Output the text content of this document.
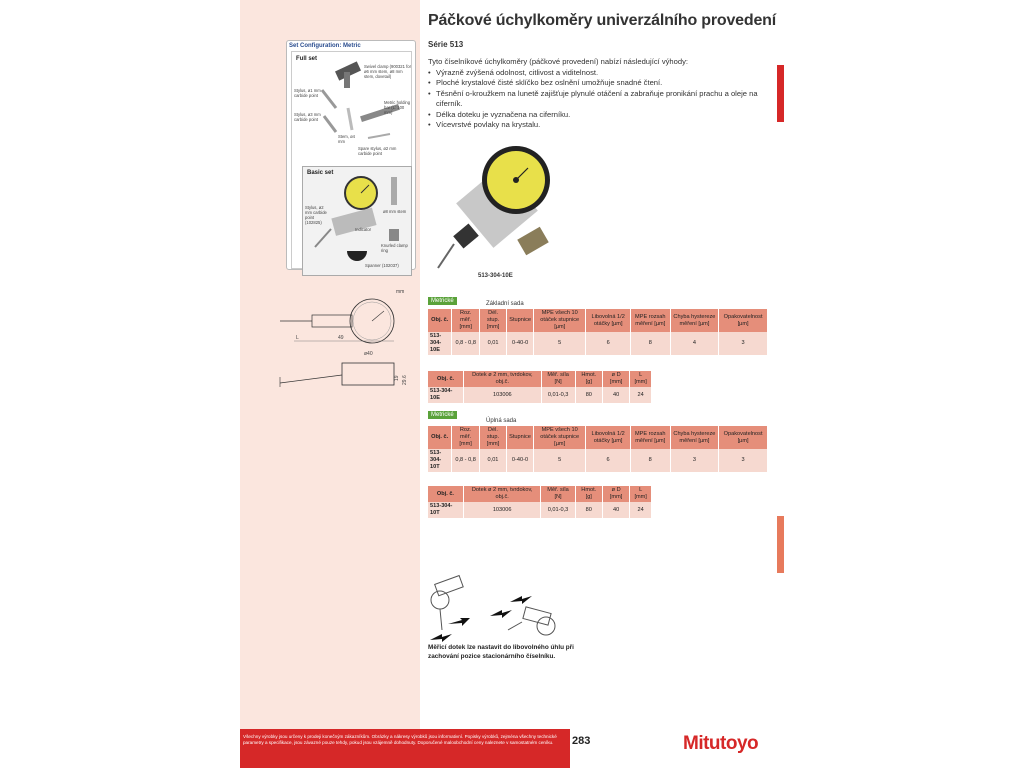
Páčkové úchylkoměry univerzálního provedení
Série 513
Tyto číselníkové úchylkoměry (páčkové provedení) nabízí následující výhody:
• Výrazně zvýšená odolnost, citlivost a viditelnost.
• Ploché krystalové čisté sklíčko bez oslnění umožňuje snadné čtení.
• Těsnění o-kroužkem na lunetě zajišťuje plynulé otáčení a zabraňuje pronikání prachu a oleje na ciferník.
• Délka doteku je vyznačena na ciferníku.
• Vícevrstvé povlaky na krystalu.
Set Configuration: Metric
Full set
Swivel clamp (900321 for ø6 mm stem, ø8 mm stem, dovetail)
Stylus, ø1 mm carbide point
Stylus, ø3 mm carbide point
Metric holding bar (L: 100 mm)
Stem, ø4 mm
Spare stylus, ø2 mm carbide point
Basic set
Stylus, ø2 mm carbide point (102825)
Indicator
ø8 mm stem
Knurled clamp ring
Spanner (102037)
513-304-10E
mm
L	49
ø40
19 29.6
Metrické	Základní sada
Obj. č.	Roz. měř. [mm]	Dél. stup. [mm]	Stupnice	MPE všech 10 otáček stupnice [µm]	Libovolná 1/2 otáčky [µm]	MPE rozsah měření [µm]	Chyba hystereze měření [µm]	Opakovatelnost [µm]
513-304-10E	0,8 - 0,8	0,01	0-40-0	5	6	8	4	3
Obj. č.	Dotek ø 2 mm, tvrdokov, obj.č.	Měř. síla [N]	Hmot. [g]	ø D [mm]	L [mm]
513-304-10E	103006	0,01-0,3	80	40	24
Metrické
Úplná sada
Obj. č.	Roz. měř. [mm]	Dél. stup. [mm]	Stupnice	MPE všech 10 otáček stupnice [µm]	Libovolná 1/2 otáčky [µm]	MPE rozsah měření [µm]	Chyba hystereze měření [µm]	Opakovatelnost [µm]
513-304-10T	0,8 - 0,8	0,01	0-40-0	5	6	8	3	3
Obj. č.	Dotek ø 2 mm, tvrdokov, obj.č.	Měř. síla [N]	Hmot. [g]	ø D [mm]	L [mm]
513-304-10T	103006	0,01-0,3	80	40	24
Měřicí dotek lze nastavit do libovolného úhlu při zachování pozice stacionárního číselníku.
Všechny výrobky jsou určeny k prodeji konečným zákazníkům. Obrázky a nákresy výrobků jsou informativní. Popisky výrobků, zejména všechny technické parametry a specifikace, jsou závazné pouze tehdy, pokud jsou vzájemně dohodnuty. Doporučené maloobchodní ceny naleznete v samostatném ceníku.	283	Mitutoyo
